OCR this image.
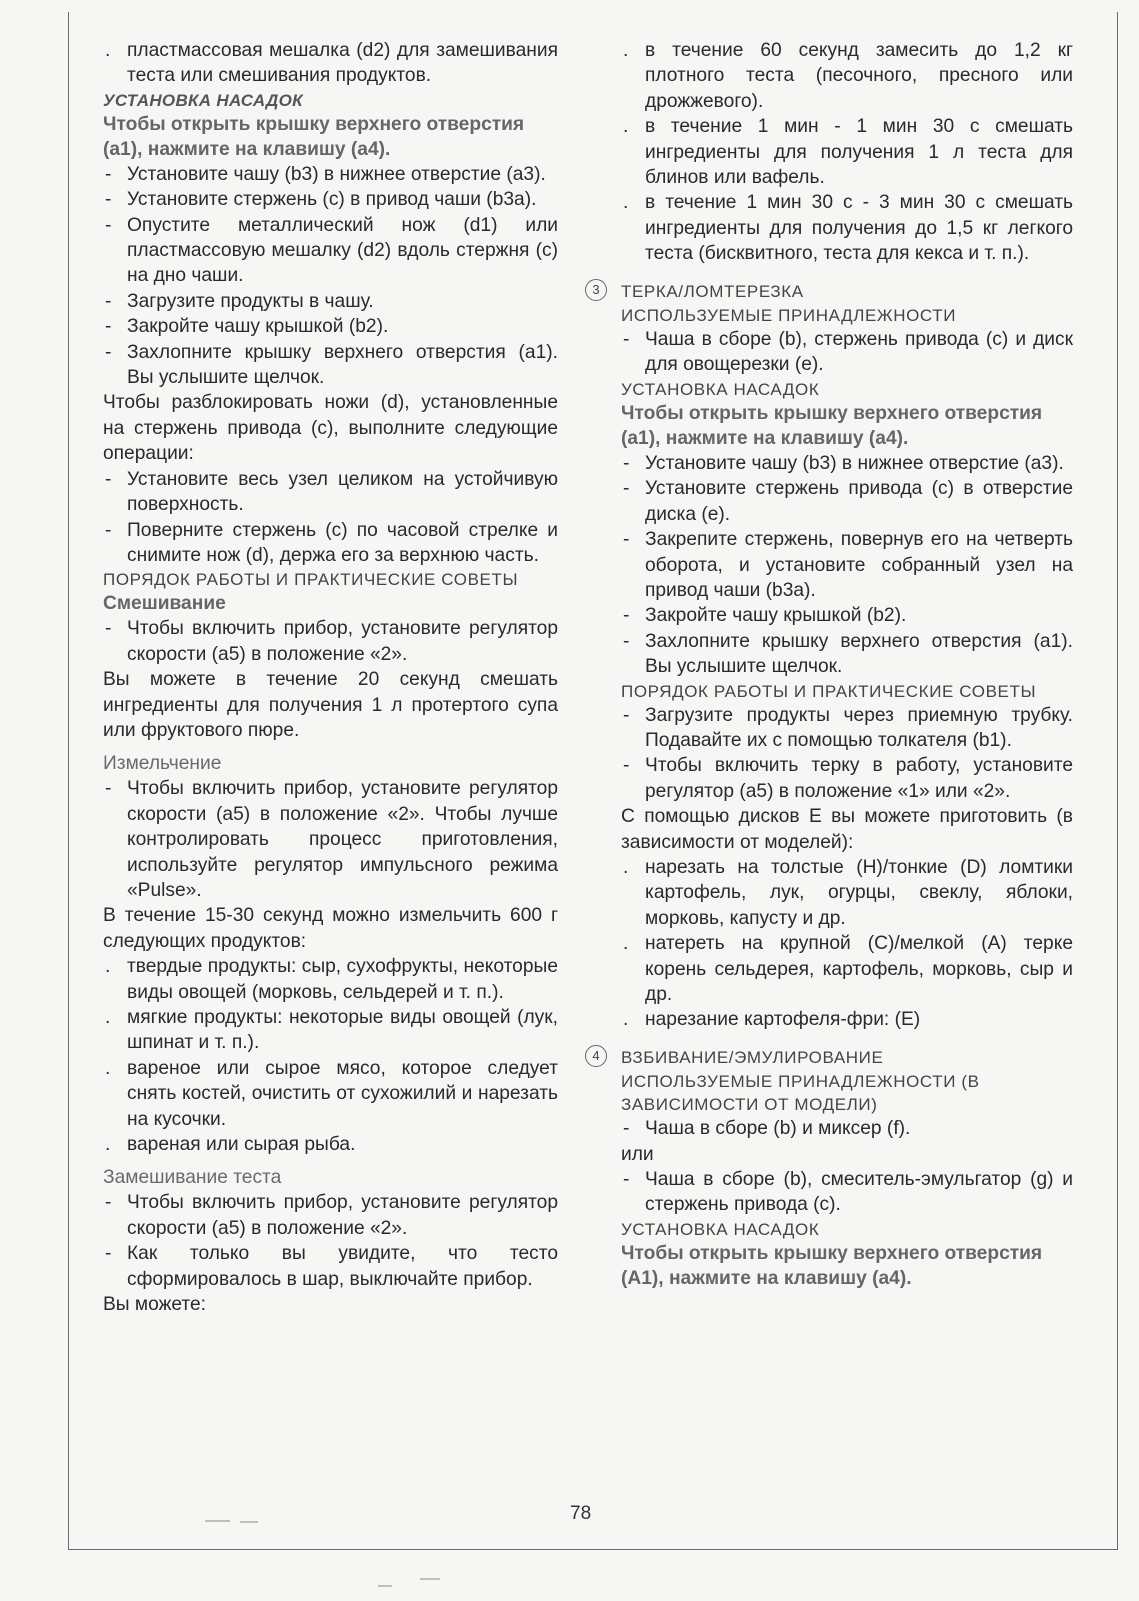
. пластмассовая мешалка (d2) для замешивания теста или смешивания продуктов.

УСТАНОВКА НАСАДОК

Чтобы открыть крышку верхнего отверстия (a1), нажмите на клавишу (a4).

- Установите чашу (b3) в нижнее отверстие (a3).
- Установите стержень (c) в привод чаши (b3a).
- Опустите металлический нож (d1) или пластмассовую мешалку (d2) вдоль стержня (c) на дно чаши.
- Загрузите продукты в чашу.
- Закройте чашу крышкой (b2).
- Захлопните крышку верхнего отверстия (a1). Вы услышите щелчок.

Чтобы разблокировать ножи (d), установленные на стержень привода (c), выполните следующие операции:

- Установите весь узел целиком на устойчивую поверхность.
- Поверните стержень (c) по часовой стрелке и снимите нож (d), держа его за верхнюю часть.

ПОРЯДОК РАБОТЫ И ПРАКТИЧЕСКИЕ СОВЕТЫ

Смешивание

- Чтобы включить прибор, установите регулятор скорости (a5) в положение «2».

Вы можете в течение 20 секунд смешать ингредиенты для получения 1 л протертого супа или фруктового пюре.

Измельчение

- Чтобы включить прибор, установите регулятор скорости (a5) в положение «2». Чтобы лучше контролировать процесс приготовления, используйте регулятор импульсного режима «Pulse».

В течение 15-30 секунд можно измельчить 600 г следующих продуктов:

. твердые продукты: сыр, сухофрукты, некоторые виды овощей (морковь, сельдерей и т. п.).
. мягкие продукты: некоторые виды овощей (лук, шпинат и т. п.).
. вареное или сырое мясо, которое следует снять костей, очистить от сухожилий и нарезать на кусочки.
. вареная или сырая рыба.

Замешивание теста

- Чтобы включить прибор, установите регулятор скорости (a5) в положение «2».
- Как только вы увидите, что тесто сформировалось в шар, выключайте прибор.

Вы можете:

. в течение 60 секунд замесить до 1,2 кг плотного теста (песочного, пресного или дрожжевого).
. в течение 1 мин - 1 мин 30 с смешать ингредиенты для получения 1 л теста для блинов или вафель.
. в течение 1 мин 30 с - 3 мин 30 с смешать ингредиенты для получения до 1,5 кг легкого теста (бисквитного, теста для кекса и т. п.).
3	ТЕРКА/ЛОМТЕРЕЗКА

ИСПОЛЬЗУЕМЫЕ ПРИНАДЛЕЖНОСТИ

- Чаша в сборе (b), стержень привода (c) и диск для овощерезки (e).

УСТАНОВКА НАСАДОК

Чтобы открыть крышку верхнего отверстия (a1), нажмите на клавишу (a4).

- Установите чашу (b3) в нижнее отверстие (a3).
- Установите стержень привода (c) в отверстие диска (e).
- Закрепите стержень, повернув его на четверть оборота, и установите собранный узел на привод чаши (b3a).
- Закройте чашу крышкой (b2).
- Захлопните крышку верхнего отверстия (a1). Вы услышите щелчок.

ПОРЯДОК РАБОТЫ И ПРАКТИЧЕСКИЕ СОВЕТЫ

- Загрузите продукты через приемную трубку. Подавайте их с помощью толкателя (b1).
- Чтобы включить терку в работу, установите регулятор (a5) в положение «1» или «2».

С помощью дисков E вы можете приготовить (в зависимости от моделей):

. нарезать на толстые (H)/тонкие (D) ломтики картофель, лук, огурцы, свеклу, яблоки, морковь, капусту и др.
. натереть на крупной (C)/мелкой (A) терке корень сельдерея, картофель, морковь, сыр и др.
. нарезание картофеля-фри: (E)
4	ВЗБИВАНИЕ/ЭМУЛИРОВАНИЕ

ИСПОЛЬЗУЕМЫЕ ПРИНАДЛЕЖНОСТИ (В ЗАВИСИМОСТИ ОТ МОДЕЛИ)

- Чаша в сборе (b) и миксер (f).

или

- Чаша в сборе (b), смеситель-эмульгатор (g) и стержень привода (c).

УСТАНОВКА НАСАДОК

Чтобы открыть крышку верхнего отверстия (A1), нажмите на клавишу (a4).

78
